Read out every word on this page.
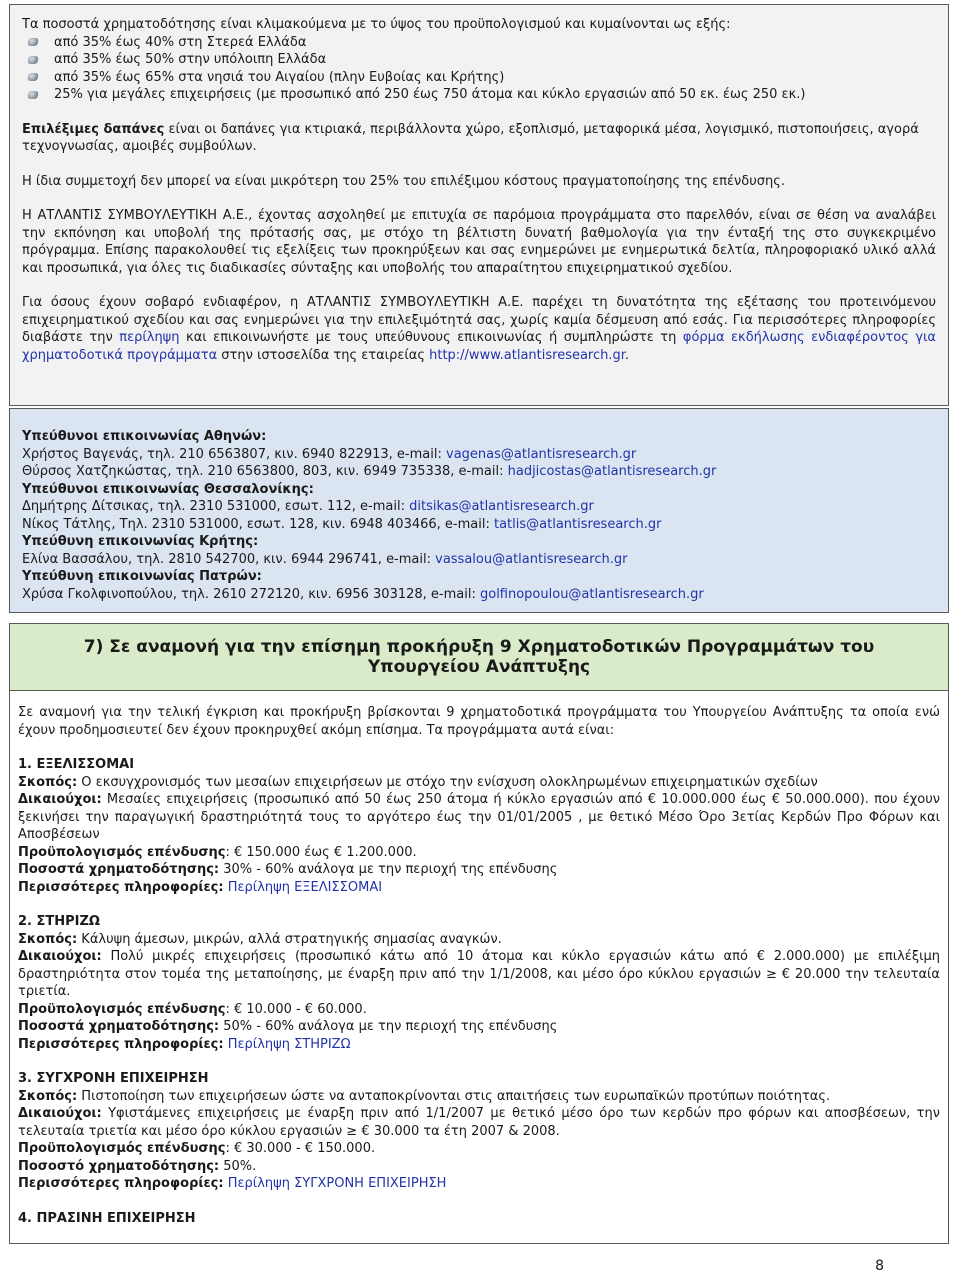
Τα ποσοστά χρηματοδότησης είναι κλιμακούμενα με το ύψος του προϋπολογισμού και κυμαίνονται ως εξής:

από 35% έως 40% στη Στερεά Ελλάδα
από 35% έως 50% στην υπόλοιπη Ελλάδα
από 35% έως 65% στα νησιά του Αιγαίου (πλην Ευβοίας και Κρήτης)
25% για μεγάλες επιχειρήσεις (με προσωπικό από 250 έως 750 άτομα και κύκλο εργασιών από 50 εκ. έως 250 εκ.)

Επιλέξιμες δαπάνες είναι οι δαπάνες για κτιριακά, περιβάλλοντα χώρο, εξοπλισμό, μεταφορικά μέσα, λογισμικό, πιστοποιήσεις, αγορά τεχνογνωσίας, αμοιβές συμβούλων.

Η ίδια συμμετοχή δεν μπορεί να είναι μικρότερη του 25% του επιλέξιμου κόστους πραγματοποίησης της επένδυσης.

Η ΑΤΛΑΝΤΙΣ ΣΥΜΒΟΥΛΕΥΤΙΚΗ Α.Ε., έχοντας ασχοληθεί με επιτυχία σε παρόμοια προγράμματα στο παρελθόν, είναι σε θέση να αναλάβει την εκπόνηση και υποβολή της πρότασής σας, με στόχο τη βέλτιστη δυνατή βαθμολογία για την ένταξή της στο συγκεκριμένο πρόγραμμα. Επίσης παρακολουθεί τις εξελίξεις των προκηρύξεων και σας ενημερώνει με ενημερωτικά δελτία, πληροφοριακό υλικό αλλά και προσωπικά, για όλες τις διαδικασίες σύνταξης και υποβολής του απαραίτητου επιχειρηματικού σχεδίου.

Για όσους έχουν σοβαρό ενδιαφέρον, η ΑΤΛΑΝΤΙΣ ΣΥΜΒΟΥΛΕΥΤΙΚΗ Α.Ε. παρέχει τη δυνατότητα της εξέτασης του προτεινόμενου επιχειρηματικού σχεδίου και σας ενημερώνει για την επιλεξιμότητά σας, χωρίς καμία δέσμευση από εσάς. Για περισσότερες πληροφορίες διαβάστε την περίληψη και επικοινωνήστε με τους υπεύθυνους επικοινωνίας ή συμπληρώστε τη φόρμα εκδήλωσης ενδιαφέροντος για χρηματοδοτικά προγράμματα στην ιστοσελίδα της εταιρείας http://www.atlantisresearch.gr.

Υπεύθυνοι επικοινωνίας Αθηνών:

Χρήστος Βαγενάς, τηλ. 210 6563807, κιν. 6940 822913, e-mail: vagenas@atlantisresearch.gr

Θύρσος Χατζηκώστας, τηλ. 210 6563800, 803, κιν. 6949 735338, e-mail: hadjicostas@atlantisresearch.gr

Υπεύθυνοι επικοινωνίας Θεσσαλονίκης:

Δημήτρης Δίτσικας, τηλ. 2310 531000, εσωτ. 112, e-mail: ditsikas@atlantisresearch.gr

Νίκος Τάτλης, Τηλ. 2310 531000, εσωτ. 128, κιν. 6948 403466, e-mail: tatlis@atlantisresearch.gr

Υπεύθυνη επικοινωνίας Κρήτης:

Ελίνα Βασσάλου, τηλ. 2810 542700, κιν. 6944 296741, e-mail: vassalou@atlantisresearch.gr

Υπεύθυνη επικοινωνίας Πατρών:

Χρύσα Γκολφινοπούλου, τηλ. 2610 272120, κιν. 6956 303128, e-mail: golfinopoulou@atlantisresearch.gr

7) Σε αναμονή για την επίσημη προκήρυξη 9 Χρηματοδοτικών Προγραμμάτων του Υπουργείου Ανάπτυξης

Σε αναμονή για την τελική έγκριση και προκήρυξη βρίσκονται 9 χρηματοδοτικά προγράμματα του Υπουργείου Ανάπτυξης τα οποία ενώ έχουν προδημοσιευτεί δεν έχουν προκηρυχθεί ακόμη επίσημα. Τα προγράμματα αυτά είναι:

1. ΕΞΕΛΙΣΣΟΜΑΙ

Σκοπός: Ο εκσυγχρονισμός των μεσαίων επιχειρήσεων με στόχο την ενίσχυση ολοκληρωμένων επιχειρηματικών σχεδίων

Δικαιούχοι: Μεσαίες επιχειρήσεις (προσωπικό από 50 έως 250 άτομα ή κύκλο εργασιών από € 10.000.000 έως € 50.000.000). που έχουν ξεκινήσει την παραγωγική δραστηριότητά τους το αργότερο έως την 01/01/2005 , με θετικό Μέσο Όρο 3ετίας Κερδών Προ Φόρων και Αποσβέσεων

Προϋπολογισμός επένδυσης: € 150.000 έως € 1.200.000.

Ποσοστά χρηματοδότησης: 30% - 60% ανάλογα με την περιοχή της επένδυσης

Περισσότερες πληροφορίες: Περίληψη ΕΞΕΛΙΣΣΟΜΑΙ

2. ΣΤΗΡΙΖΩ

Σκοπός: Κάλυψη άμεσων, μικρών, αλλά στρατηγικής σημασίας αναγκών.

Δικαιούχοι: Πολύ μικρές επιχειρήσεις (προσωπικό κάτω από 10 άτομα και κύκλο εργασιών κάτω από € 2.000.000) με επιλέξιμη δραστηριότητα στον τομέα της μεταποίησης, με έναρξη πριν από την 1/1/2008, και μέσο όρο κύκλου εργασιών ≥ € 20.000 την τελευταία τριετία.

Προϋπολογισμός επένδυσης: € 10.000 - € 60.000.

Ποσοστά χρηματοδότησης: 50% - 60% ανάλογα με την περιοχή της επένδυσης

Περισσότερες πληροφορίες: Περίληψη ΣΤΗΡΙΖΩ

3. ΣΥΓΧΡΟΝΗ ΕΠΙΧΕΙΡΗΣΗ

Σκοπός: Πιστοποίηση των επιχειρήσεων ώστε να ανταποκρίνονται στις απαιτήσεις των ευρωπαϊκών προτύπων ποιότητας.

Δικαιούχοι: Υφιστάμενες επιχειρήσεις με έναρξη πριν από 1/1/2007 με θετικό μέσο όρο των κερδών προ φόρων και αποσβέσεων, την τελευταία τριετία και μέσο όρο κύκλου εργασιών ≥ € 30.000 τα έτη 2007 & 2008.

Προϋπολογισμός επένδυσης: € 30.000 - € 150.000.

Ποσοστό χρηματοδότησης: 50%.

Περισσότερες πληροφορίες: Περίληψη ΣΥΓΧΡΟΝΗ ΕΠΙΧΕΙΡΗΣΗ

4. ΠΡΑΣΙΝΗ ΕΠΙΧΕΙΡΗΣΗ

8
